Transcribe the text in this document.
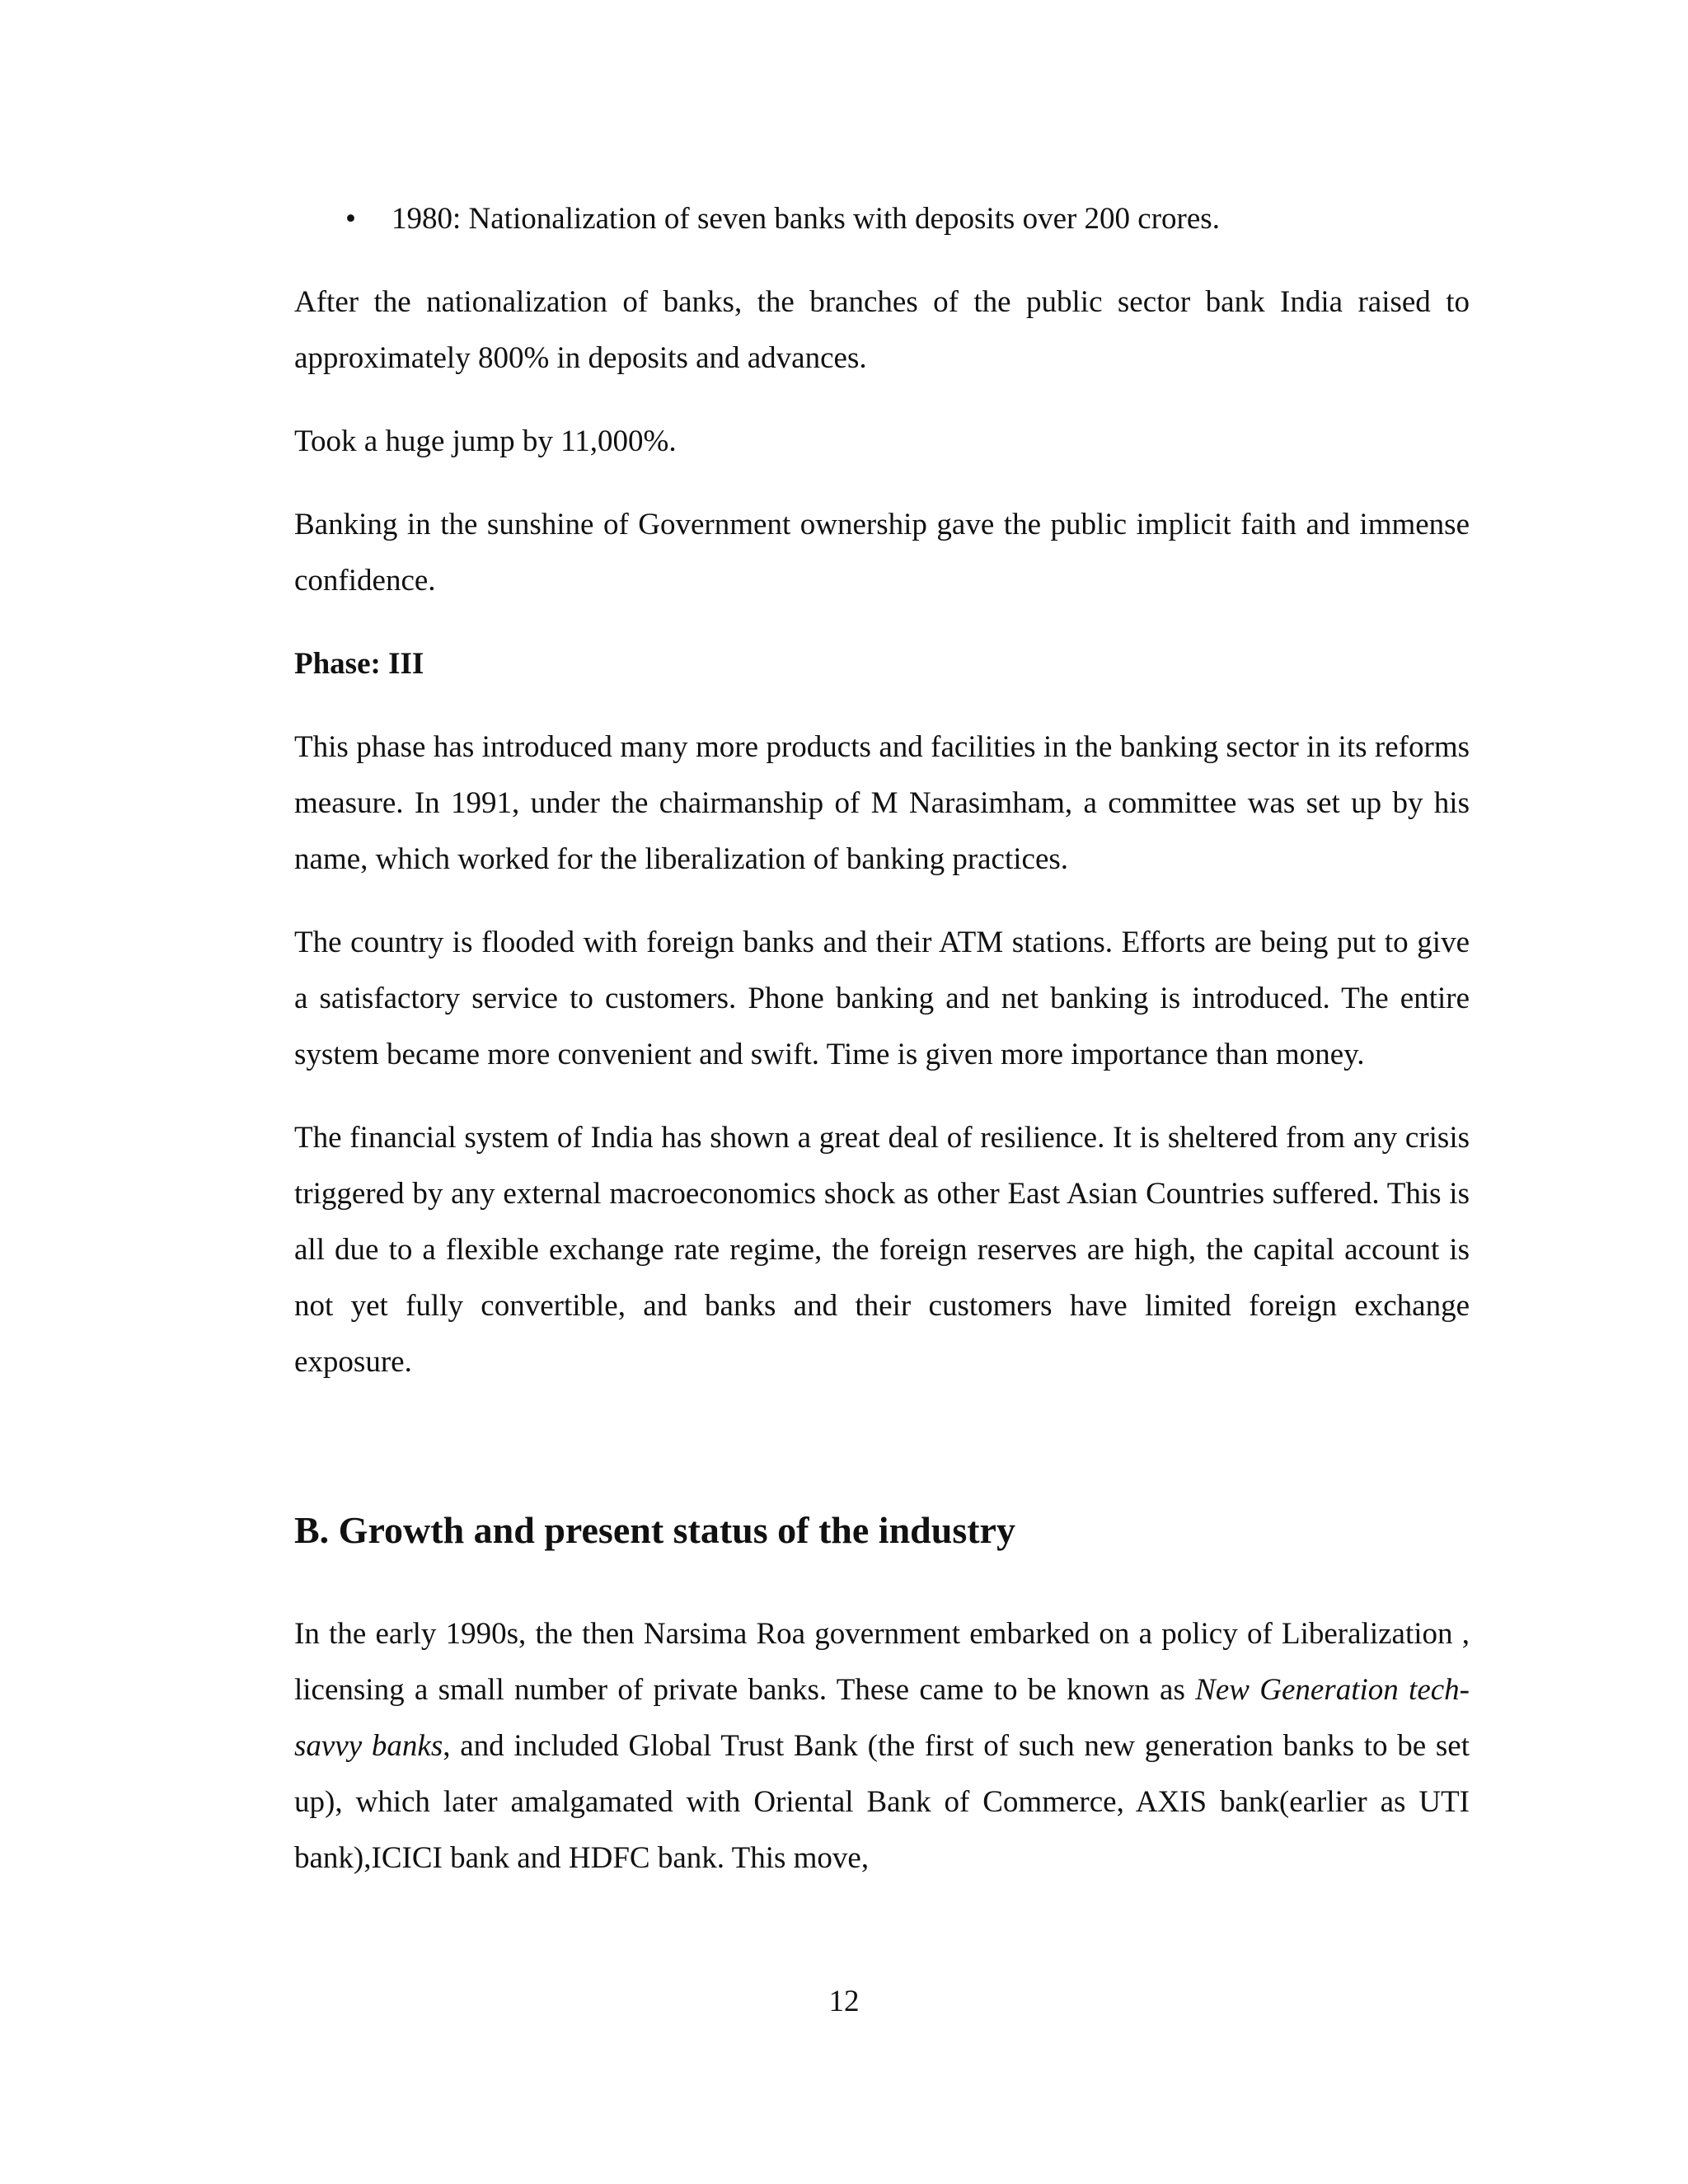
• 1980: Nationalization of seven banks with deposits over 200 crores.

After the nationalization of banks, the branches of the public sector bank India raised to approximately 800% in deposits and advances.

Took a huge jump by 11,000%.

Banking in the sunshine of Government ownership gave the public implicit faith and immense confidence.

Phase: III

This phase has introduced many more products and facilities in the banking sector in its reforms measure. In 1991, under the chairmanship of M Narasimham, a committee was set up by his name, which worked for the liberalization of banking practices.

The country is flooded with foreign banks and their ATM stations. Efforts are being put to give a satisfactory service to customers. Phone banking and net banking is introduced. The entire system became more convenient and swift. Time is given more importance than money.

The financial system of India has shown a great deal of resilience. It is sheltered from any crisis triggered by any external macroeconomics shock as other East Asian Countries suffered. This is all due to a flexible exchange rate regime, the foreign reserves are high, the capital account is not yet fully convertible, and banks and their customers have limited foreign exchange exposure.

B. Growth and present status of the industry

In the early 1990s, the then Narsima Roa government embarked on a policy of Liberalization , licensing a small number of private banks. These came to be known as New Generation tech-savvy banks, and included Global Trust Bank (the first of such new generation banks to be set up), which later amalgamated with Oriental Bank of Commerce, AXIS bank(earlier as UTI bank),ICICI bank and HDFC bank. This move,

12
